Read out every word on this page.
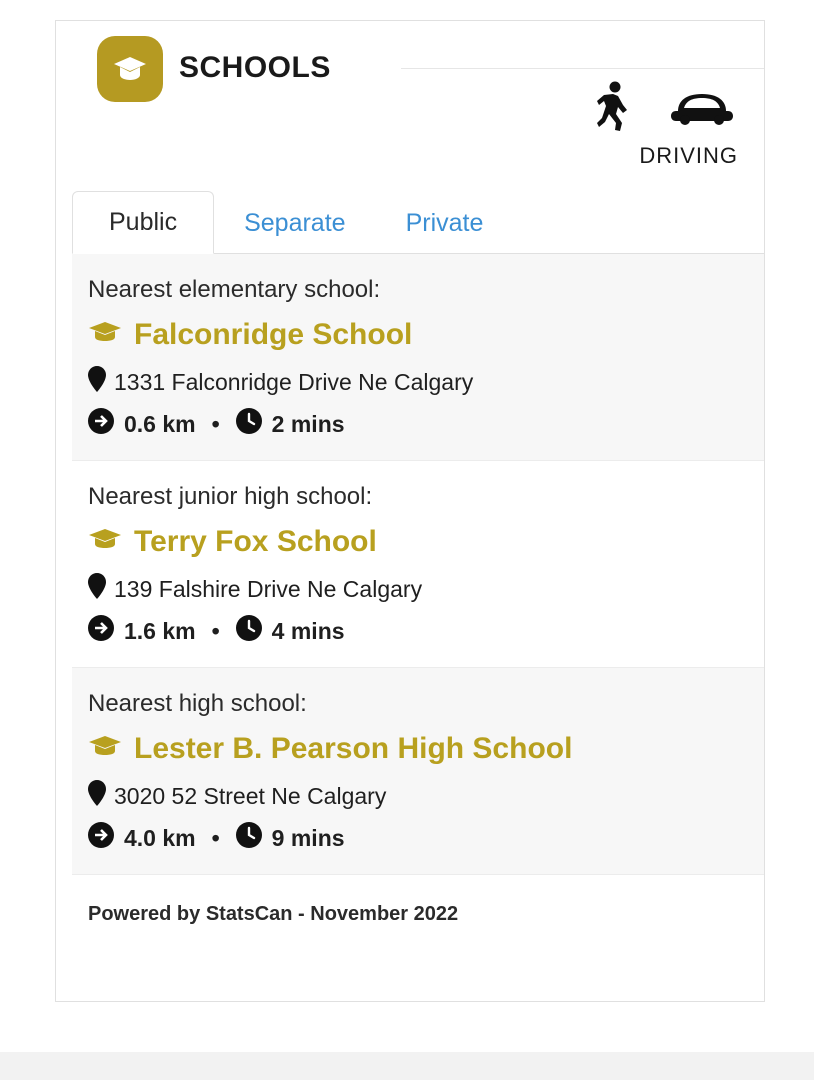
SCHOOLS
DRIVING
Public	Separate	Private
Nearest elementary school:
Falconridge School
1331 Falconridge Drive Ne Calgary
0.6 km • 2 mins
Nearest junior high school:
Terry Fox School
139 Falshire Drive Ne Calgary
1.6 km • 4 mins
Nearest high school:
Lester B. Pearson High School
3020 52 Street Ne Calgary
4.0 km • 9 mins
Powered by StatsCan - November 2022
